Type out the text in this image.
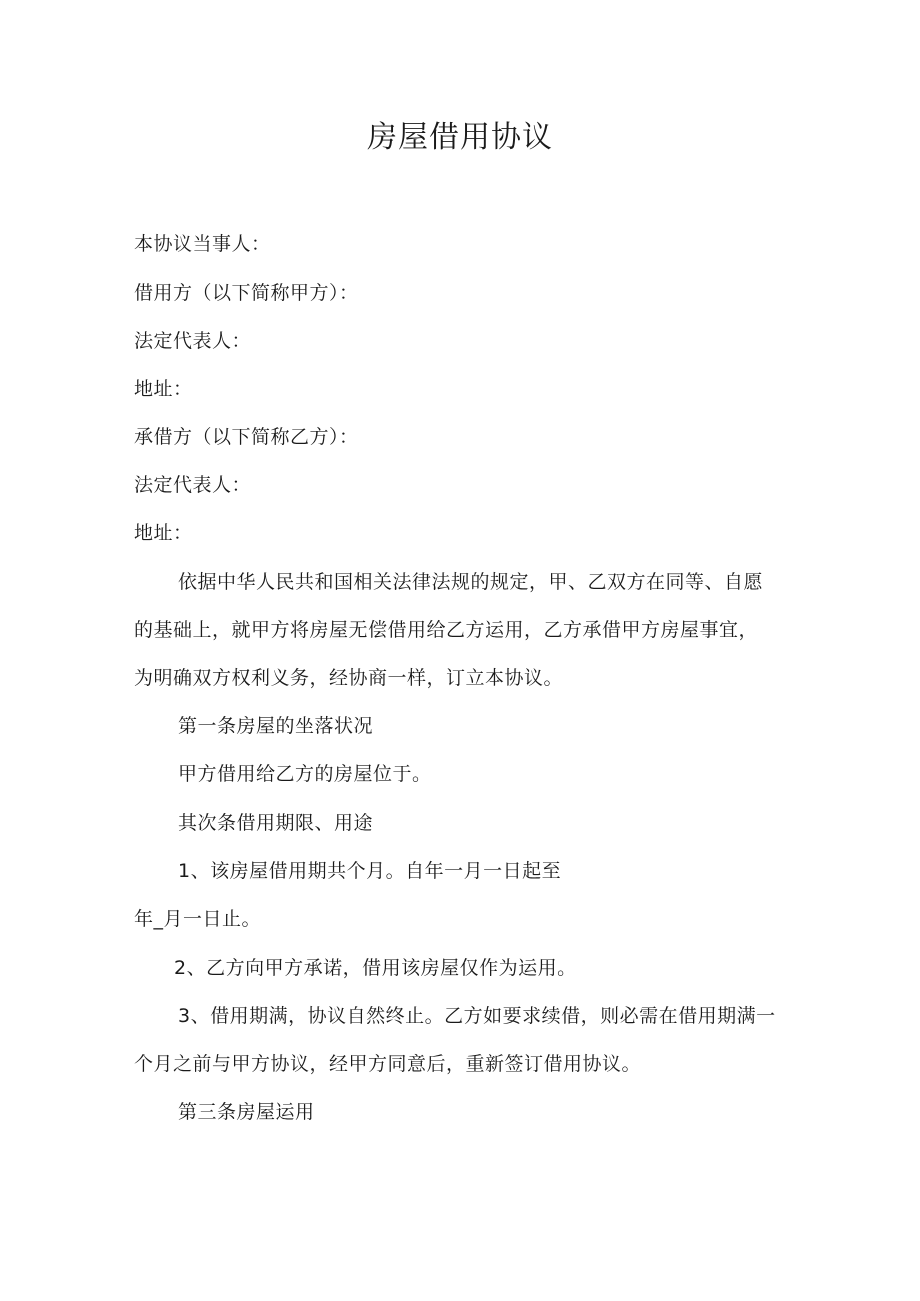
房屋借用协议
本协议当事人：
借用方（以下简称甲方）：
法定代表人：
地址：
承借方（以下简称乙方）：
法定代表人：
地址：
依据中华人民共和国相关法律法规的规定，甲、乙双方在同等、自愿
的基础上，就甲方将房屋无偿借用给乙方运用，乙方承借甲方房屋事宜，
为明确双方权利义务，经协商一样，订立本协议。
第一条房屋的坐落状况
甲方借用给乙方的房屋位于。
其次条借用期限、用途
1、该房屋借用期共个月。自年一月一日起至
年_月一日止。
2、乙方向甲方承诺，借用该房屋仅作为运用。
3、借用期满，协议自然终止。乙方如要求续借，则必需在借用期满一
个月之前与甲方协议，经甲方同意后，重新签订借用协议。
第三条房屋运用
